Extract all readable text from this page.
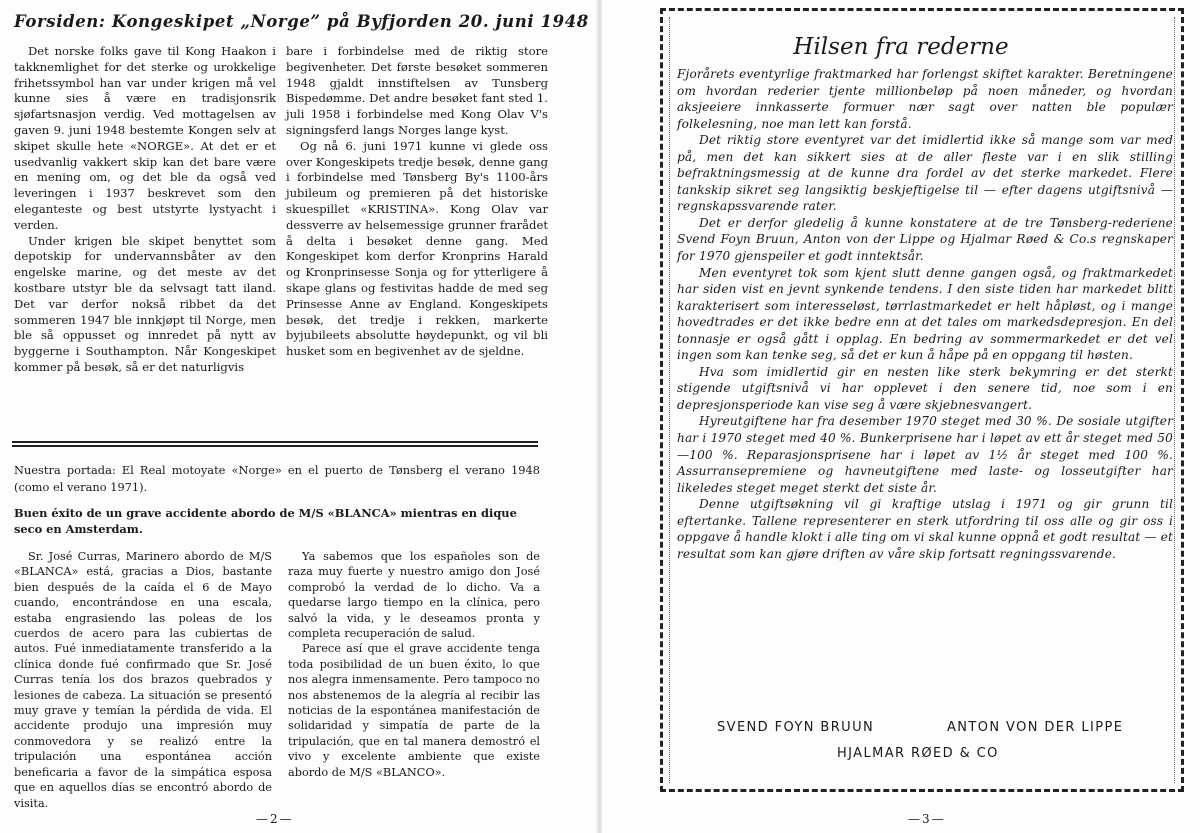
Forsiden: Kongeskipet „Norge” på Byfjorden 20. juni 1948

Det norske folks gave til Kong Haakon i takknemlighet for det sterke og urokkelige frihetssymbol han var under krigen må vel kunne sies å være en tradisjonsrik sjøfartsnasjon verdig. Ved mottagelsen av gaven 9. juni 1948 bestemte Kongen selv at skipet skulle hete «NORGE». At det er et usedvanlig vakkert skip kan det bare være en mening om, og det ble da også ved leveringen i 1937 beskrevet som den eleganteste og best utstyrte lystyacht i verden.

Under krigen ble skipet benyttet som depotskip for undervannsbåter av den engelske marine, og det meste av det kostbare utstyr ble da selvsagt tatt iland. Det var derfor nokså ribbet da det sommeren 1947 ble innkjøpt til Norge, men ble så oppusset og innredet på nytt av byggerne i Southampton. Når Kongeskipet kommer på besøk, så er det naturligvis

bare i forbindelse med de riktig store begivenheter. Det første besøket sommeren 1948 gjaldt innstiftelsen av Tunsberg Bispedømme. Det andre besøket fant sted 1. juli 1958 i forbindelse med Kong Olav V's signingsferd langs Norges lange kyst.

Og nå 6. juni 1971 kunne vi glede oss over Kongeskipets tredje besøk, denne gang i forbindelse med Tønsberg By's 1100-års jubileum og premieren på det historiske skuespillet «KRISTINA». Kong Olav var dessverre av helsemessige grunner frarådet å delta i besøket denne gang. Med Kongeskipet kom derfor Kronprins Harald og Kronprinsesse Sonja og for ytterligere å skape glans og festivitas hadde de med seg Prinsesse Anne av England. Kongeskipets besøk, det tredje i rekken, markerte byjubileets absolutte høydepunkt, og vil bli husket som en begivenhet av de sjeldne.

Nuestra portada: El Real motoyate «Norge» en el puerto de Tønsberg el verano 1948 (como el verano 1971).
Buen éxito de un grave accidente abordo de M/S «BLANCA» mientras en dique seco en Amsterdam.

Sr. José Curras, Marinero abordo de M/S «BLANCA» está, gracias a Dios, bastante bien después de la caída el 6 de Mayo cuando, encontrándose en una escala, estaba engrasiendo las poleas de los cuerdos de acero para las cubiertas de autos. Fué inmediatamente transferido a la clínica donde fué confirmado que Sr. José Curras tenía los dos brazos quebrados y lesiones de cabeza. La situación se presentó muy grave y temían la pérdida de vida. El accidente produjo una impresión muy conmovedora y se realizó entre la tripulación una espontánea acción beneficaria a favor de la simpática esposa que en aquellos días se encontró abordo de visita.

Ya sabemos que los españoles son de raza muy fuerte y nuestro amigo don José comprobó la verdad de lo dicho. Va a quedarse largo tiempo en la clínica, pero salvó la vida, y le deseamos pronta y completa recuperación de salud.

Parece así que el grave accidente tenga toda posibilidad de un buen éxito, lo que nos alegra inmensamente. Pero tampoco no nos abstenemos de la alegría al recibir las noticias de la espontánea manifestación de solidaridad y simpatía de parte de la tripulación, que en tal manera demostró el vivo y excelente ambiente que existe abordo de M/S «BLANCO».

—2—
Hilsen fra rederne

Fjorårets eventyrlige fraktmarked har forlengst skiftet karakter. Beretningene om hvordan rederier tjente millionbeløp på noen måneder, og hvordan aksjeeiere innkasserte formuer nær sagt over natten ble populær folkelesning, noe man lett kan forstå.

Det riktig store eventyret var det imidlertid ikke så mange som var med på, men det kan sikkert sies at de aller fleste var i en slik stilling befraktningsmessig at de kunne dra fordel av det sterke markedet. Flere tankskip sikret seg langsiktig beskjeftigelse til — efter dagens utgiftsnivå — regnskapssvarende rater.

Det er derfor gledelig å kunne konstatere at de tre Tønsberg-rederiene Svend Foyn Bruun, Anton von der Lippe og Hjalmar Røed & Co.s regnskaper for 1970 gjenspeiler et godt inntektsår.

Men eventyret tok som kjent slutt denne gangen også, og fraktmarkedet har siden vist en jevnt synkende tendens. I den siste tiden har markedet blitt karakterisert som interesseløst, tørrlastmarkedet er helt håpløst, og i mange hovedtrades er det ikke bedre enn at det tales om markedsdepresjon. En del tonnasje er også gått i opplag. En bedring av sommermarkedet er det vel ingen som kan tenke seg, så det er kun å håpe på en oppgang til høsten.

Hva som imidlertid gir en nesten like sterk bekymring er det sterkt stigende utgiftsnivå vi har opplevet i den senere tid, noe som i en depresjonsperiode kan vise seg å være skjebnesvangert.

Hyreutgiftene har fra desember 1970 steget med 30 %. De sosiale utgifter har i 1970 steget med 40 %. Bunkerprisene har i løpet av ett år steget med 50—100 %. Reparasjonsprisene har i løpet av 1½ år steget med 100 %. Assurransepremiene og havneutgiftene med laste- og losseutgifter har likeledes steget meget sterkt det siste år.

Denne utgiftsøkning vil gi kraftige utslag i 1971 og gir grunn til eftertanke. Tallene representerer en sterk utfordring til oss alle og gir oss i oppgave å handle klokt i alle ting om vi skal kunne oppnå et godt resultat — et resultat som kan gjøre driften av våre skip fortsatt regningssvarende.

SVEND FOYN BRUUN	ANTON VON DER LIPPE
HJALMAR RØED & CO
—3—
